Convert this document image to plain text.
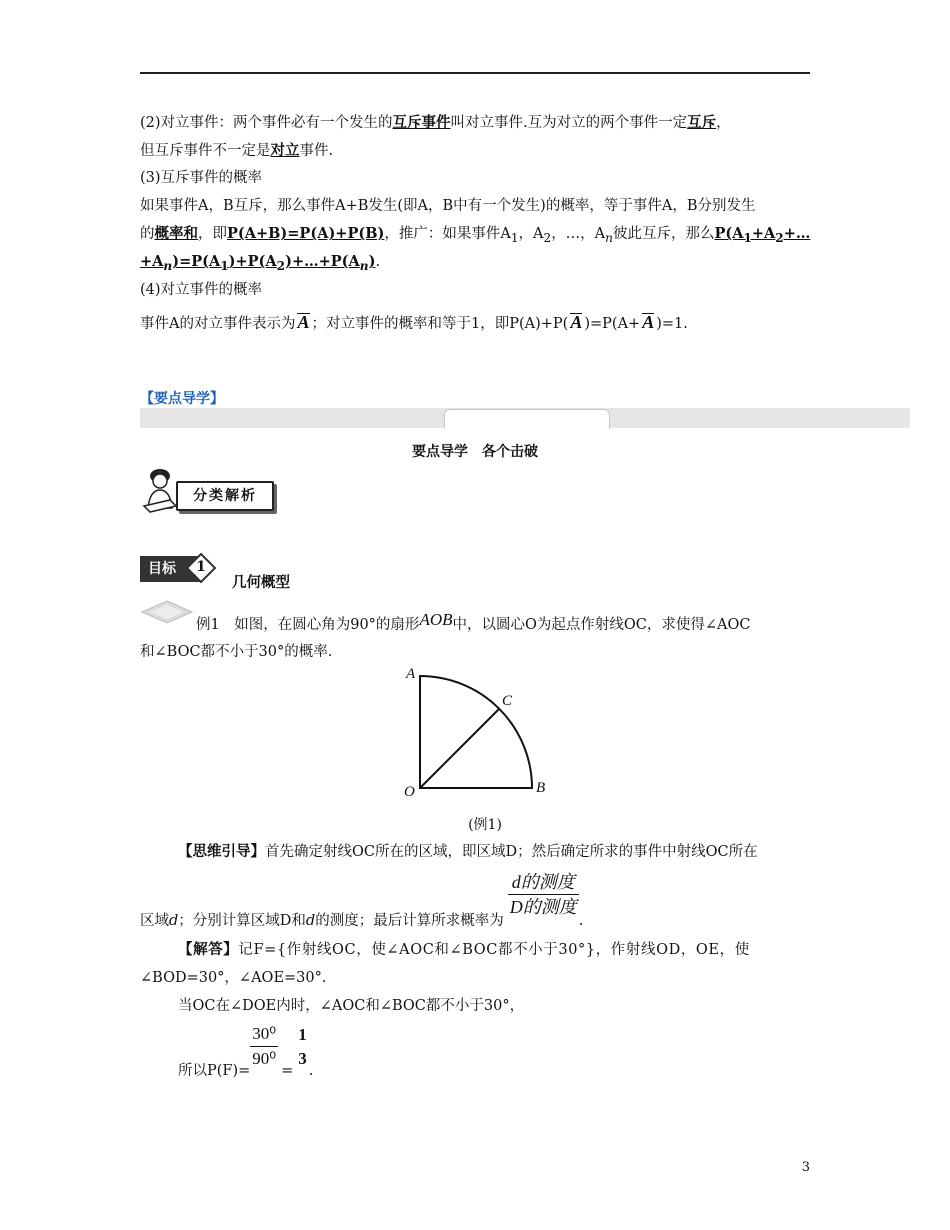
(2)对立事件：两个事件必有一个发生的互斥事件叫对立事件.互为对立的两个事件一定互斥，
但互斥事件不一定是对立事件.
(3)互斥事件的概率
如果事件A，B互斥，那么事件A+B发生(即A，B中有一个发生)的概率，等于事件A，B分别发生
的概率和，即P(A+B)=P(A)+P(B)，推广：如果事件$A_1$，$A_2$，…，$A_n$彼此互斥，那么$P(A_1+A_2+\dots$
$+A_n)=P(A_1)+P(A_2)+\dots+P(A_n)$.
(4)对立事件的概率
事件A的对立事件表示为 A ；对立事件的概率和等于1，即P(A)+P( A )=P(A+ A )=1.
【要点导学】
要点导学　各个击破
分类解析
目标	1
几何概型
例1　如图，在圆心角为90°的扇形AOB中，以圆心O为起点作射线OC，求使得∠AOC
和∠BOC都不小于30°的概率.
A
C
O	B
(例1)
【思维引导】首先确定射线OC所在的区域，即区域D；然后确定所求的事件中射线OC所在
区域d；分别计算区域D和d的测度；最后计算所求概率为
$\frac{\text{d的测度}}{\text{D的测度}}$
.
【解答】记F={作射线OC，使∠AOC和∠BOC都不小于30°}，作射线OD，OE，使
∠BOD=30°，∠AOE=30°.
当OC在∠DOE内时，∠AOC和∠BOC都不小于30°，
所以$P(F)= \frac{\text{30⁰}}{\text{90⁰}}$ =
1
3
.
3
